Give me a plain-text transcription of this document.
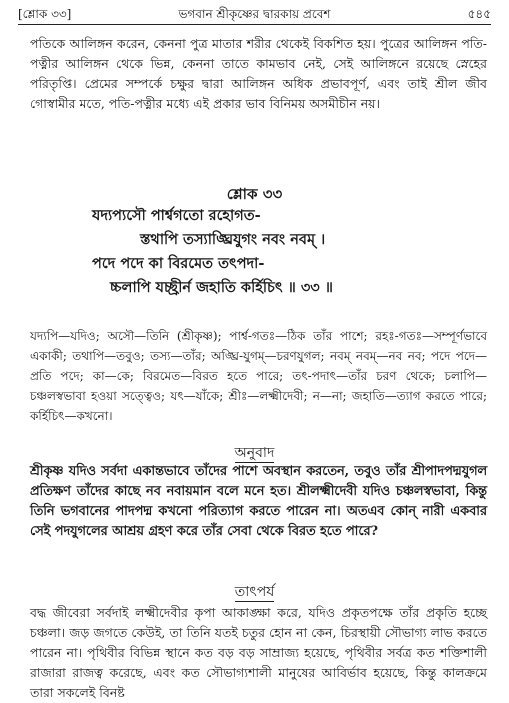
[শ্লোক ৩৩]	ভগবান শ্রীকৃষ্ণের দ্বারকায় প্রবেশ	৫৪৫

পতিকে আলিঙ্গন করেন, কেননা পুত্র মাতার শরীর থেকেই বিকশিত হয়। পুত্রের আলিঙ্গন পতি-পত্নীর আলিঙ্গন থেকে ভিন্ন, কেননা তাতে কামভাব নেই, সেই আলিঙ্গনে রয়েছে স্নেহের পরিতৃপ্তি। প্রেমের সম্পর্কে চক্ষুর দ্বারা আলিঙ্গন অধিক প্রভাবপূর্ণ, এবং তাই শ্রীল জীব গোস্বামীর মতে, পতি-পত্নীর মধ্যে এই প্রকার ভাব বিনিময় অসমীচীন নয়।

শ্লোক ৩৩
যদ্যপ্যসৌ পার্শ্বগতো রহোগত-
স্তথাপি তস্যাঙ্ঘ্রিযুগং নবং নবম্ ।
পদে পদে কা বিরমেত তৎপদা-
চ্চলাপি যচ্ছ্রীর্ন জহাতি কর্হিচিৎ ॥ ৩৩ ॥

যদ্যপি—যদিও; অসৌ—তিনি (শ্রীকৃষ্ণ); পার্শ্ব-গতঃ—ঠিক তাঁর পাশে; রহঃ-গতঃ—সম্পূর্ণভাবে একাকী; তথাপি—তবুও; তস্য—তাঁর; অঙ্ঘ্রি-যুগম্—চরণযুগল; নবম্ নবম্—নব নব; পদে পদে—প্রতি পদে; কা—কে; বিরমেত—বিরত হতে পারে; তৎ-পদাৎ—তাঁর চরণ থেকে; চলাপি—চঞ্চলস্বভাবা হওয়া সত্ত্বেও; যৎ—যাঁকে; শ্রীঃ—লক্ষ্মীদেবী; ন—না; জহাতি—ত্যাগ করতে পারে; কর্হিচিৎ—কখনো।

অনুবাদ

শ্রীকৃষ্ণ যদিও সর্বদা একান্তভাবে তাঁদের পাশে অবস্থান করতেন, তবুও তাঁর শ্রীপাদপদ্মযুগল প্রতিক্ষণ তাঁদের কাছে নব নবায়মান বলে মনে হত। শ্রীলক্ষ্মীদেবী যদিও চঞ্চলস্বভাবা, কিন্তু তিনি ভগবানের পাদপদ্ম কখনো পরিত্যাগ করতে পারেন না। অতএব কোন্ নারী একবার সেই পদযুগলের আশ্রয় গ্রহণ করে তাঁর সেবা থেকে বিরত হতে পারে?

তাৎপর্য

বদ্ধ জীবেরা সর্বদাই লক্ষ্মীদেবীর কৃপা আকাঙ্ক্ষা করে, যদিও প্রকৃতপক্ষে তাঁর প্রকৃতি হচ্ছে চঞ্চলা। জড় জগতে কেউই, তা তিনি যতই চতুর হোন না কেন, চিরস্থায়ী সৌভাগ্য লাভ করতে পারেন না। পৃথিবীর বিভিন্ন স্থানে কত বড় বড় সাম্রাজ্য হয়েছে, পৃথিবীর সর্বত্র কত শক্তিশালী রাজারা রাজত্ব করেছে, এবং কত সৌভাগ্যশালী মানুষের আবির্ভাব হয়েছে, কিন্তু কালক্রমে তারা সকলেই বিনষ্ট
